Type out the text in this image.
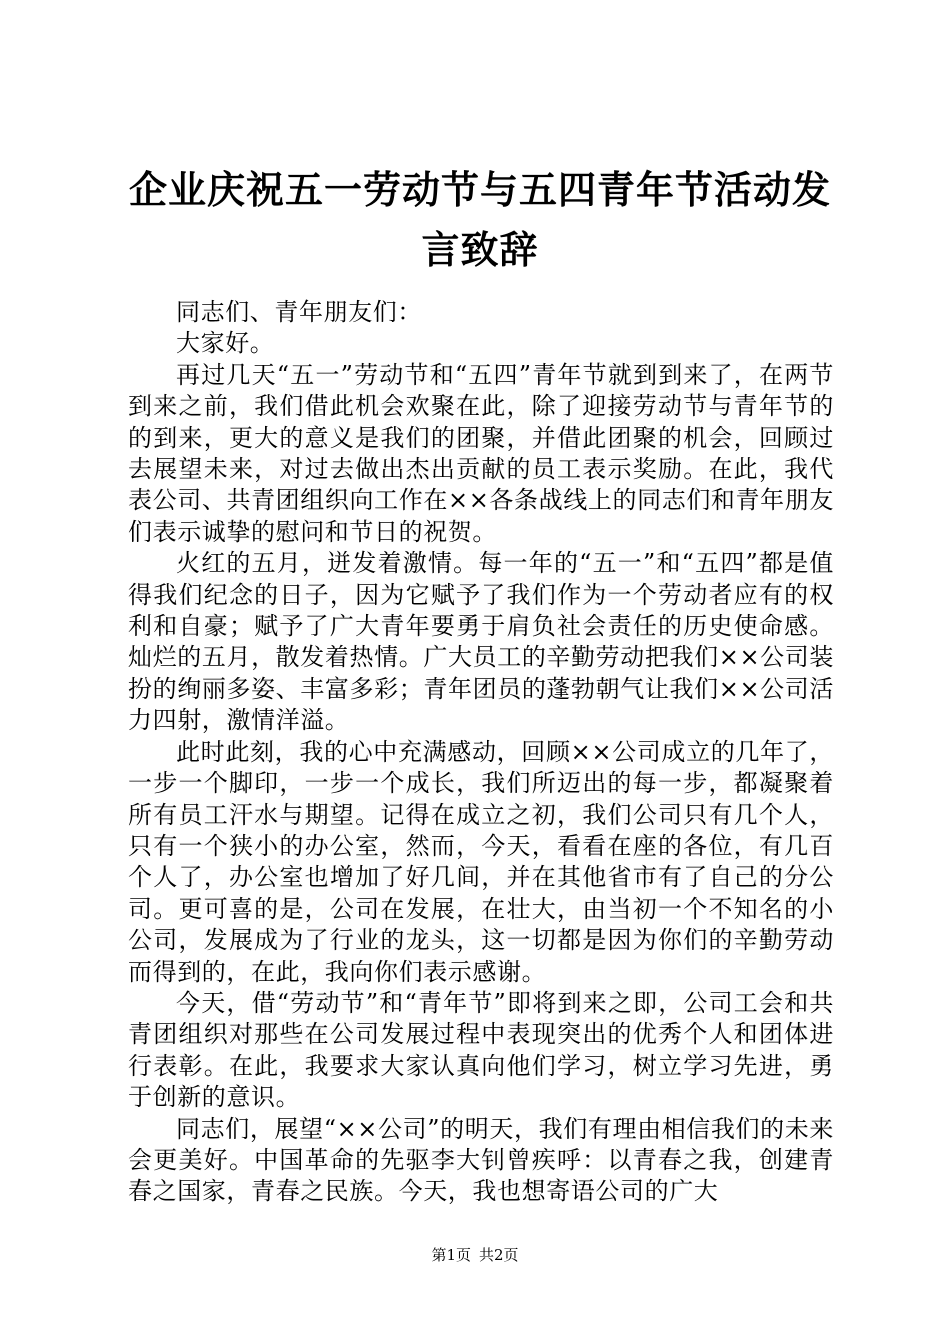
企业庆祝五一劳动节与五四青年节活动发言致辞

同志们、青年朋友们：

大家好。

再过几天“五一”劳动节和“五四”青年节就到到来了，在两节到来之前，我们借此机会欢聚在此，除了迎接劳动节与青年节的的到来，更大的意义是我们的团聚，并借此团聚的机会，回顾过去展望未来，对过去做出杰出贡献的员工表示奖励。在此，我代表公司、共青团组织向工作在××各条战线上的同志们和青年朋友们表示诚挚的慰问和节日的祝贺。

火红的五月，迸发着激情。每一年的“五一”和“五四”都是值得我们纪念的日子，因为它赋予了我们作为一个劳动者应有的权利和自豪；赋予了广大青年要勇于肩负社会责任的历史使命感。灿烂的五月，散发着热情。广大员工的辛勤劳动把我们××公司装扮的绚丽多姿、丰富多彩；青年团员的蓬勃朝气让我们××公司活力四射，激情洋溢。

此时此刻，我的心中充满感动，回顾××公司成立的几年了，一步一个脚印，一步一个成长，我们所迈出的每一步，都凝聚着所有员工汗水与期望。记得在成立之初，我们公司只有几个人，只有一个狭小的办公室，然而，今天，看看在座的各位，有几百个人了，办公室也增加了好几间，并在其他省市有了自己的分公司。更可喜的是，公司在发展，在壮大，由当初一个不知名的小公司，发展成为了行业的龙头，这一切都是因为你们的辛勤劳动而得到的，在此，我向你们表示感谢。

今天，借“劳动节”和“青年节”即将到来之即，公司工会和共青团组织对那些在公司发展过程中表现突出的优秀个人和团体进行表彰。在此，我要求大家认真向他们学习，树立学习先进，勇于创新的意识。

同志们，展望“××公司”的明天，我们有理由相信我们的未来会更美好。中国革命的先驱李大钊曾疾呼：以青春之我，创建青春之国家，青春之民族。今天，我也想寄语公司的广大

第1页 共2页
